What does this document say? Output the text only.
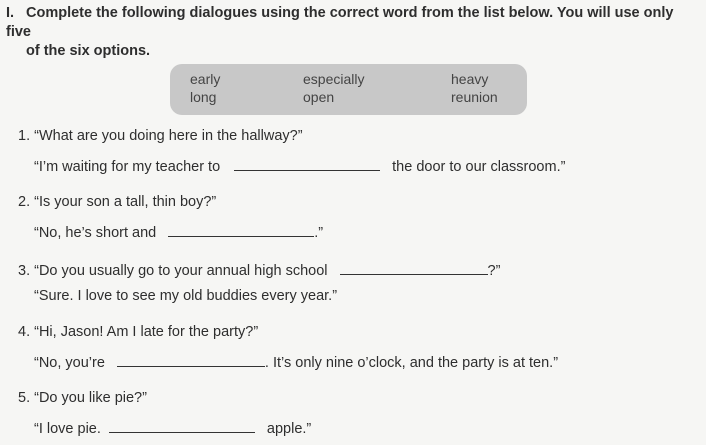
I. Complete the following dialogues using the correct word from the list below. You will use only five
of the six options.
early	especially	heavy
long	open	reunion
1. “What are you doing here in the hallway?”
“I’m waiting for my teacher to	the door to our classroom.”
2. “Is your son a tall, thin boy?”
“No, he’s short and	.”
3. “Do you usually go to your annual high school	?”
“Sure. I love to see my old buddies every year.”
4. “Hi, Jason! Am I late for the party?”
“No, you’re	. It’s only nine o’clock, and the party is at ten.”
5. “Do you like pie?”
“I love pie.	apple.”
